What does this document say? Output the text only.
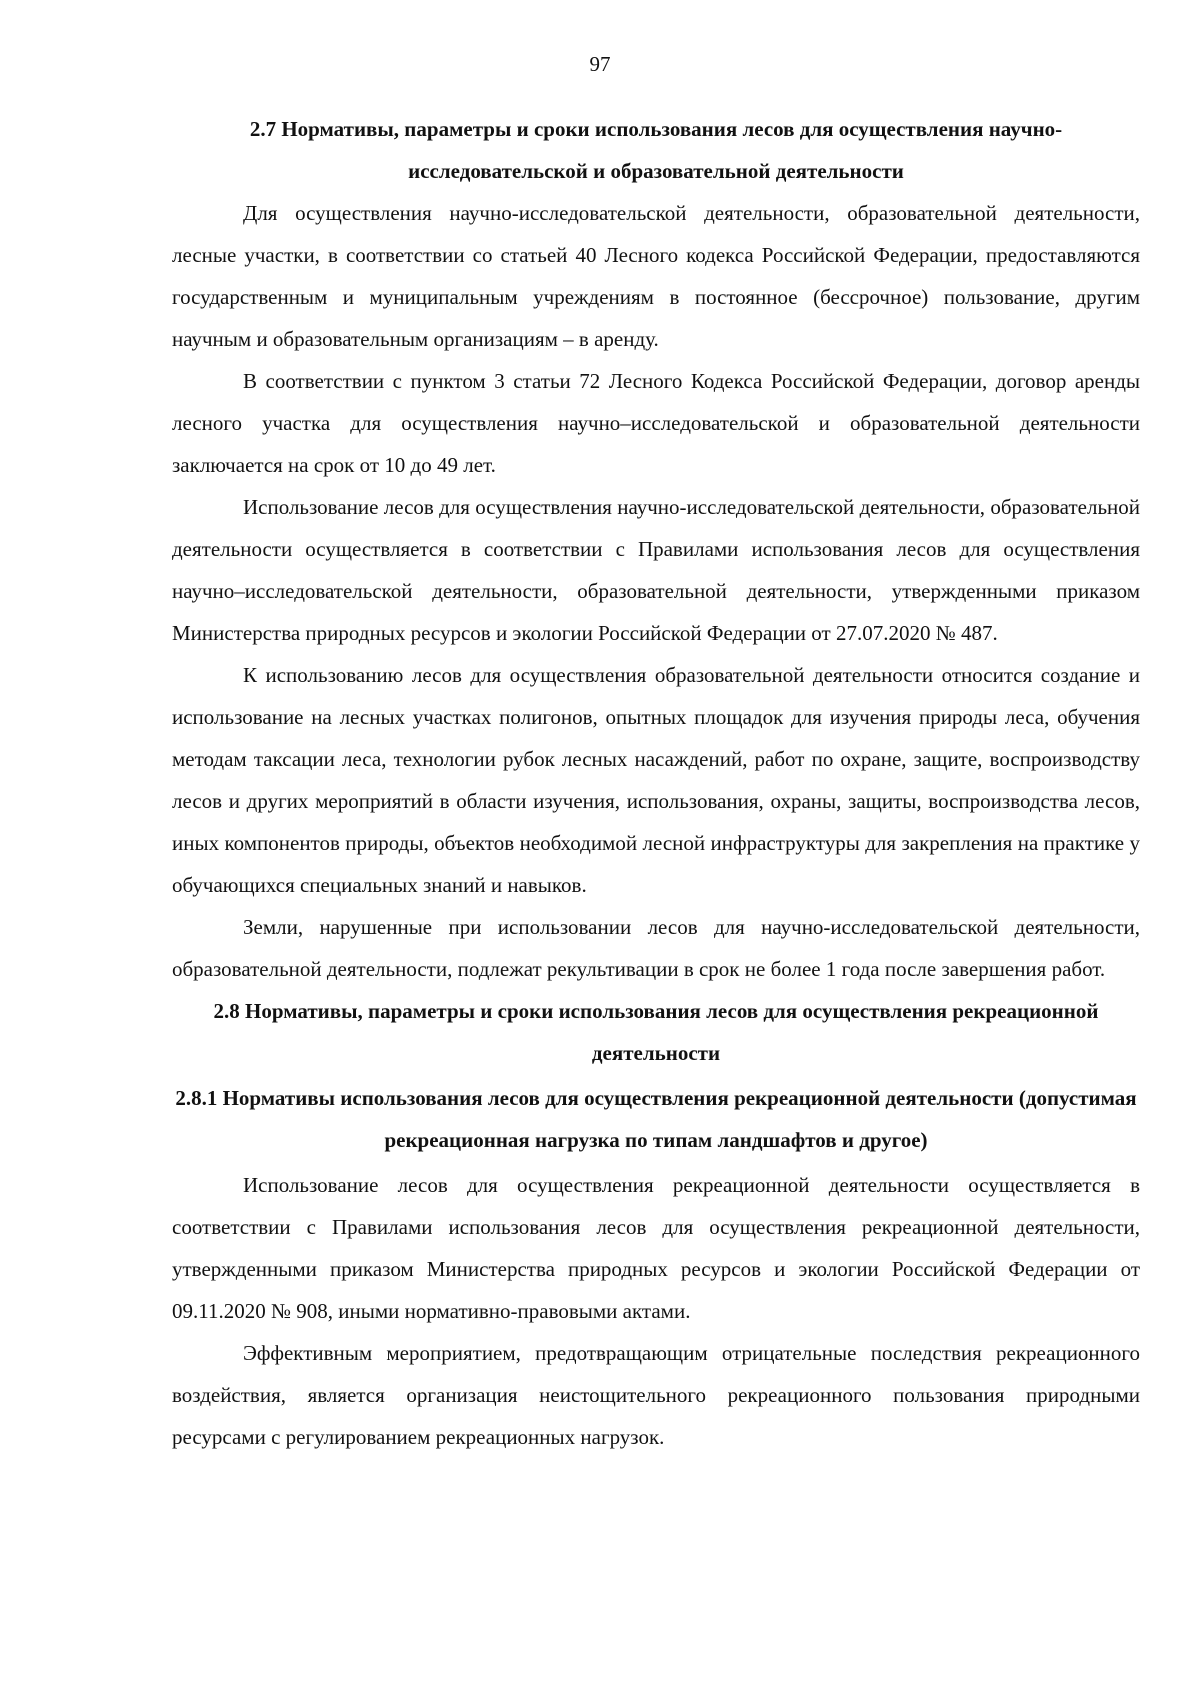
97

2.7 Нормативы, параметры и сроки использования лесов для осуществления научно-исследовательской и образовательной деятельности

Для осуществления научно-исследовательской деятельности, образовательной деятельности, лесные участки, в соответствии со статьей 40 Лесного кодекса Российской Федерации, предоставляются государственным и муниципальным учреждениям в постоянное (бессрочное) пользование, другим научным и образовательным организациям – в аренду.

В соответствии с пунктом 3 статьи 72 Лесного Кодекса Российской Федерации, договор аренды лесного участка для осуществления научно–исследовательской и образовательной деятельности заключается на срок от 10 до 49 лет.

Использование лесов для осуществления научно-исследовательской деятельности, образовательной деятельности осуществляется в соответствии с Правилами использования лесов для осуществления научно–исследовательской деятельности, образовательной деятельности, утвержденными приказом Министерства природных ресурсов и экологии Российской Федерации от 27.07.2020 № 487.

К использованию лесов для осуществления образовательной деятельности относится создание и использование на лесных участках полигонов, опытных площадок для изучения природы леса, обучения методам таксации леса, технологии рубок лесных насаждений, работ по охране, защите, воспроизводству лесов и других мероприятий в области изучения, использования, охраны, защиты, воспроизводства лесов, иных компонентов природы, объектов необходимой лесной инфраструктуры для закрепления на практике у обучающихся специальных знаний и навыков.

Земли, нарушенные при использовании лесов для научно-исследовательской деятельности, образовательной деятельности, подлежат рекультивации в срок не более 1 года после завершения работ.

2.8 Нормативы, параметры и сроки использования лесов для осуществления рекреационной деятельности
2.8.1 Нормативы использования лесов для осуществления рекреационной деятельности (допустимая рекреационная нагрузка по типам ландшафтов и другое)

Использование лесов для осуществления рекреационной деятельности осуществляется в соответствии с Правилами использования лесов для осуществления рекреационной деятельности, утвержденными приказом Министерства природных ресурсов и экологии Российской Федерации от 09.11.2020 № 908, иными нормативно-правовыми актами.

Эффективным мероприятием, предотвращающим отрицательные последствия рекреационного воздействия, является организация неистощительного рекреационного пользования природными ресурсами с регулированием рекреационных нагрузок.
